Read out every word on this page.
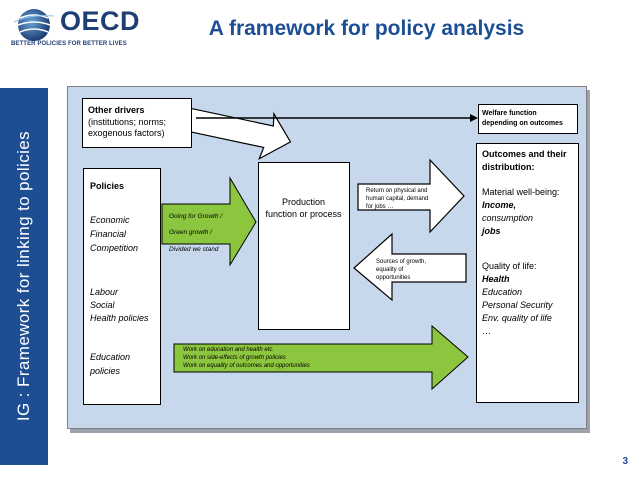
OECD
BETTER POLICIES FOR BETTER LIVES
A framework for policy analysis
IG : Framework for linking to policies
Other drivers
(institutions; norms; exogenous factors)
Welfare function
depending on outcomes
Policies
Economic
Financial
Competition
Labour
Social
Health policies
Education
policies
Going for Growth /
Green growth /
Divided we stand
Production
function or process
Return on physical and
human capital, demand
for jobs …
Sources of growth,
equality of
opportunities
Work on education and health etc.
Work on side-effects of growth policies
Work on equality of outcomes and opportunities
Outcomes and their
distribution:
Material well-being:
Income,
consumption
jobs
Quality of life:
Health
Education
Personal Security
Env. quality of life
…
3
